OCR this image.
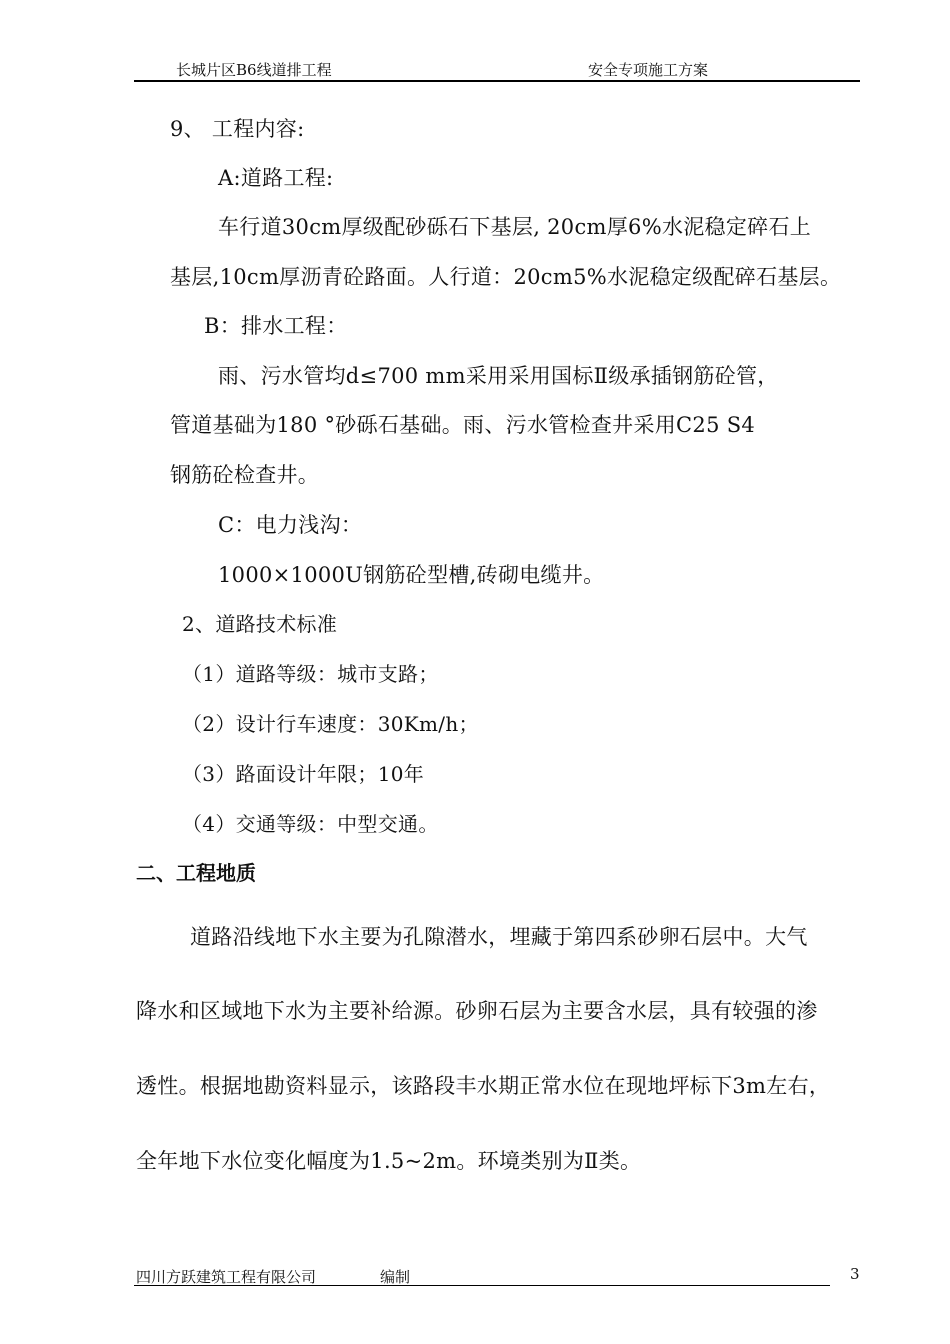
长城片区B6线道排工程	安全专项施工方案
9、 工程内容:
A:道路工程:
车行道30cm厚级配砂砾石下基层, 20cm厚6%水泥稳定碎石上
基层,10cm厚沥青砼路面。人行道：20cm5%水泥稳定级配碎石基层。
B：排水工程：
雨、污水管均d≤700 mm采用采用国标Ⅱ级承插钢筋砼管，
管道基础为180 °砂砾石基础。雨、污水管检查井采用C25 S4
钢筋砼检查井。
C：电力浅沟：
1000×1000U钢筋砼型槽,砖砌电缆井。
2、道路技术标准
（1）道路等级：城市支路；
（2）设计行车速度：30Km/h；
（3）路面设计年限；10年
（4）交通等级：中型交通。
二、工程地质
道路沿线地下水主要为孔隙潜水，埋藏于第四系砂卵石层中。大气
降水和区域地下水为主要补给源。砂卵石层为主要含水层，具有较强的渗
透性。根据地勘资料显示，该路段丰水期正常水位在现地坪标下3m左右，
全年地下水位变化幅度为1.5~2m。环境类别为Ⅱ类。
四川方跃建筑工程有限公司	编制	3
